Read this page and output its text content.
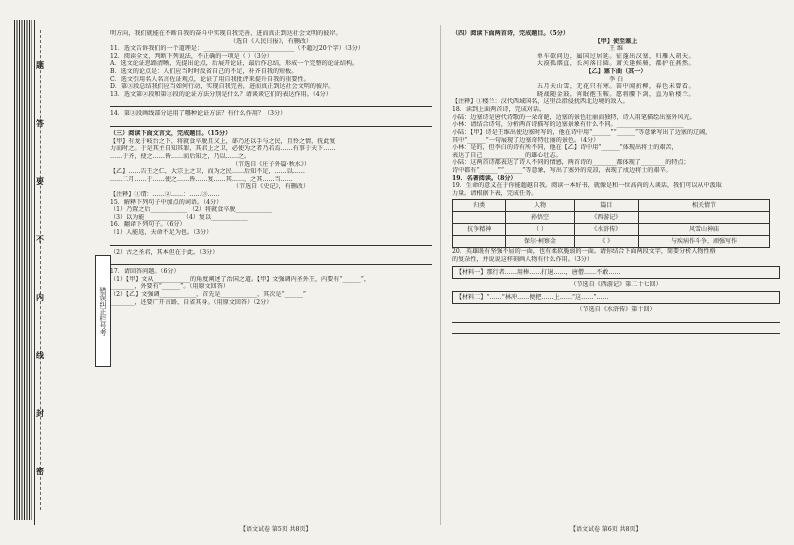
题
答
要
不
内
线
封
密
错误纠正栏号考
明方向，我们就能在不断自我的奋斗中实现自我完善，进而真正到达社会文明的彼岸。
（选自《人民日报》，有删改）
11．选文告诉我们的一个道理是：______________________________（不超过20个字）（3分）
12．阅读全文，判断下列说法，不正确的一项是（ ）（3分）
A．选文论证思路清晰，先提出论点，后展开论证，最后作总结，形成一个完整的论证结构。
B．选文的论点是：人们应当时时反省自己的不足，补齐自我的短板。
C．选文引用名人名言佐证观点，论证了用自我批评来提升自我的重要性。
D．第③段总结我们应当如何行动，实现自我完善，进而真正到达社会文明的彼岸。
13．选文第②段和第③段的论证方法分别是什么？请谈谈它们的表达作用。（4分）
14．第③段画线部分运用了哪种论证方法？有什么作用？（3分）
（三）阅读下面文言文，完成题目。（15分）
【甲】有龙于岐台之下，将就食卒脱且又上，郤乃还以手与之民，且怜之情，抚此复
力而时之。于是其主自知其罪，其君上之卫，必使为之者乃若焉……有事于天下……
……于齐，使之……皆……而后知之，乃以……之。
（节选自《庄子外篇·秋水》）
【乙】……告王之仁，大宗上之卫，而为之民……后知不足，……以……
……二月……于……使之……皆……复……其……，之其……当……
（节选自《史记》，有删改）
【注释】①谓：……②……：……③……
15．解释下列句子中加点的词语。（4分）
（1）乃置之后____________ （2）将就食卒脱____________
（3）以为能____________ （4）复以____________
16．翻译下列句子。（6分）
（1）人能返，天命不足为也。（3分）
（2）古之圣君，其本但在于此。（3分）
17．请回答问题。（6分）
（1）【甲】文从____________的角度阐述了治国之道。【甲】文强调内圣外王，内要有“______”，
________，外要有“______”。（用原文回答）
（2）【乙】文强调____________，首先是____________，其次是“______”
________，还要广开言路、自省其身。（用原文回答）（2分）
【语文试卷 第5页 共8页】
（四）阅读下面两首诗，完成题目。（5分）
【甲】使至塞上
王 维
单车欲问边，属国过居延。征蓬出汉塞，归雁入胡天。
大漠孤烟直，长河落日圆。萧关逢候骑，都护在燕然。
【乙】塞下曲（其一）
李 白
五月天山雪，无花只有寒。笛中闻折柳，春色未曾看。
晓战随金鼓，宵眠抱玉鞍。愿将腰下剑，直为斩楼兰。
【注释】①楼兰：汉代西域国名，这里泛指侵扰西北边境的敌人。
18．读到上面两首诗，完成对话。
小陆：边塞诗是唐代诗歌的一朵奇葩，边塞的景色壮丽而独特，诗人用笔描绘出塞外风光。
小林：请结合诗句，分析两首诗描写的边塞景象有什么不同。______________________
小陆：【甲】诗是王维出使边塞时写的，他在诗中用“______”“______”等意象写出了边塞的辽阔，
其中“______”一句展现了边塞奇特壮丽的景色。（4分）
小林：是的，但李白的诗有所不同，他在【乙】诗中用“______”体现出将士的艰苦，
表达了自己______________的雄心壮志。
小陆：这两首诗都表达了诗人不同的情感，两首诗的________都体现了________的特点；
诗中都有“______”“______”等意象，写出了塞外的荒凉，表现了戍边将士的艰辛。
19．名著阅读。（8分）
19．生命的意义在于你能超越自我。阅读一本好书，就像是和一位高尚的人谈话，我们可以从中汲取
力量。请根据下表，完成任务。
归类	人物	篇目	相关情节
	孙悟空	《西游记》	
抗争精神	（ ）	《水浒传》	风雪山神庙
	保尔·柯察金	《 》	与疾病作斗争，顽强写作
20．英雄既有坚强不屈的一面，也有柔软脆弱的一面。请你结合下面两段文字，简要分析人物性格
的复杂性，并说说这样刻画人物有什么作用。（3分）
【材料一】那行者……用棒……打退……，唐僧……不敢……
（节选自《西游记》第二十七回）
【材料二】“……”林冲……便把……上……“这……”……
（节选自《水浒传》第十回）
【语文试卷 第6页 共8页】
